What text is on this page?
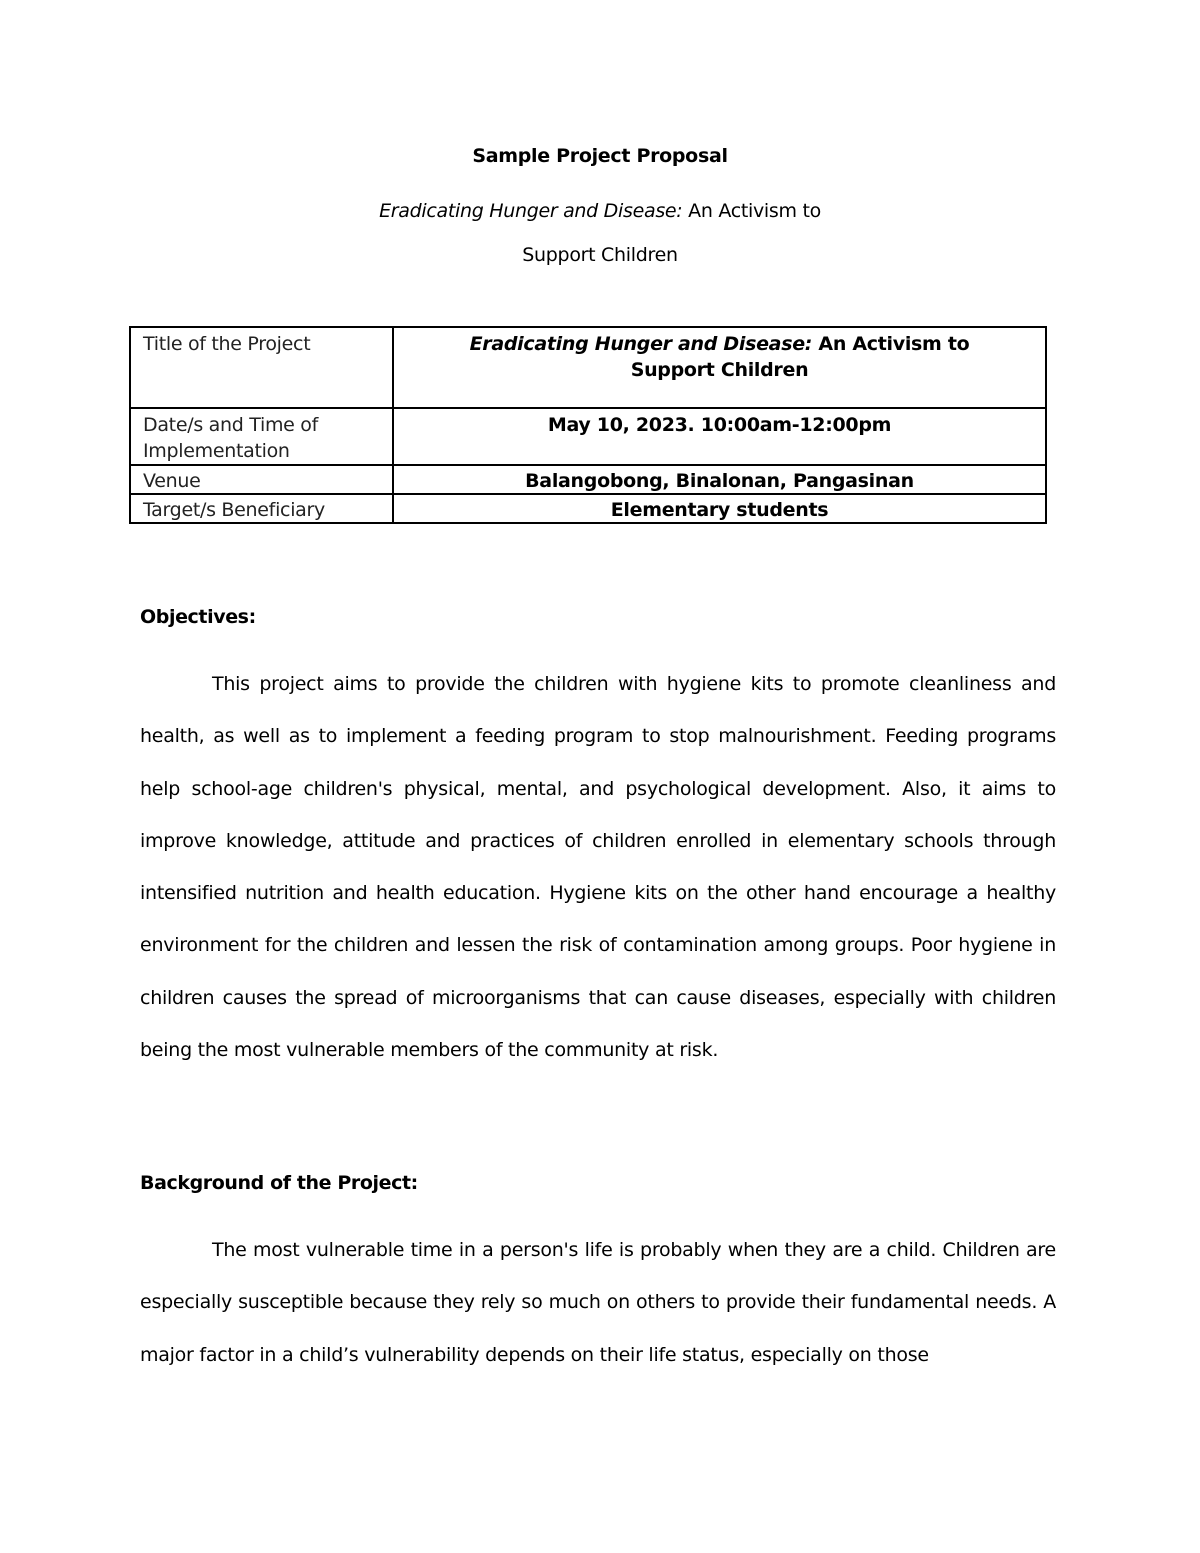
Sample Project Proposal
Eradicating Hunger and Disease: An Activism to
Support Children
Title of the Project	Eradicating Hunger and Disease: An Activism to
Support Children
Date/s and Time of Implementation	May 10, 2023. 10:00am-12:00pm
Venue	Balangobong, Binalonan, Pangasinan
Target/s Beneficiary	Elementary students
Objectives:

This project aims to provide the children with hygiene kits to promote cleanliness and health, as well as to implement a feeding program to stop malnourishment. Feeding programs help school-age children's physical, mental, and psychological development. Also, it aims to improve knowledge, attitude and practices of children enrolled in elementary schools through intensified nutrition and health education. Hygiene kits on the other hand encourage a healthy environment for the children and lessen the risk of contamination among groups. Poor hygiene in children causes the spread of microorganisms that can cause diseases, especially with children being the most vulnerable members of the community at risk.

Background of the Project:

The most vulnerable time in a person's life is probably when they are a child. Children are especially susceptible because they rely so much on others to provide their fundamental needs. A major factor in a child’s vulnerability depends on their life status, especially on those
